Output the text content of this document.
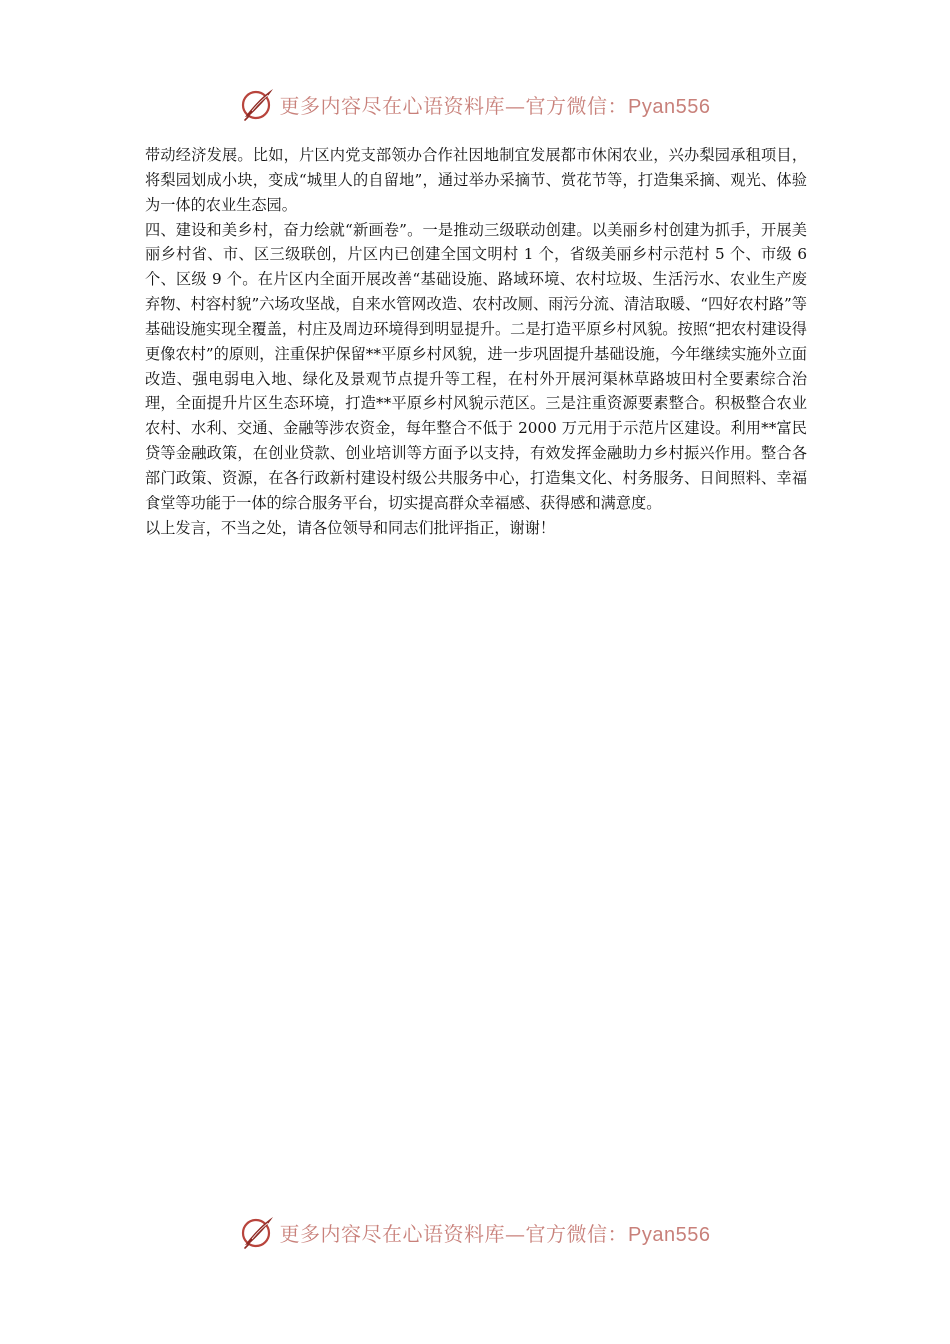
更多内容尽在心语资料库—官方微信：Pyan556

带动经济发展。比如，片区内党支部领办合作社因地制宜发展都市休闲农业，兴办梨园承租项目，将梨园划成小块，变成“城里人的自留地”，通过举办采摘节、赏花节等，打造集采摘、观光、体验为一体的农业生态园。

四、建设和美乡村，奋力绘就“新画卷”。一是推动三级联动创建。以美丽乡村创建为抓手，开展美丽乡村省、市、区三级联创，片区内已创建全国文明村 1 个，省级美丽乡村示范村 5 个、市级 6 个、区级 9 个。在片区内全面开展改善“基础设施、路域环境、农村垃圾、生活污水、农业生产废弃物、村容村貌”六场攻坚战，自来水管网改造、农村改厕、雨污分流、清洁取暖、“四好农村路”等基础设施实现全覆盖，村庄及周边环境得到明显提升。二是打造平原乡村风貌。按照“把农村建设得更像农村”的原则，注重保护保留**平原乡村风貌，进一步巩固提升基础设施，今年继续实施外立面改造、强电弱电入地、绿化及景观节点提升等工程，在村外开展河渠林草路坡田村全要素综合治理，全面提升片区生态环境，打造**平原乡村风貌示范区。三是注重资源要素整合。积极整合农业农村、水利、交通、金融等涉农资金，每年整合不低于 2000 万元用于示范片区建设。利用**富民贷等金融政策，在创业贷款、创业培训等方面予以支持，有效发挥金融助力乡村振兴作用。整合各部门政策、资源，在各行政新村建设村级公共服务中心，打造集文化、村务服务、日间照料、幸福食堂等功能于一体的综合服务平台，切实提高群众幸福感、获得感和满意度。

以上发言，不当之处，请各位领导和同志们批评指正，谢谢！

更多内容尽在心语资料库—官方微信：Pyan556
